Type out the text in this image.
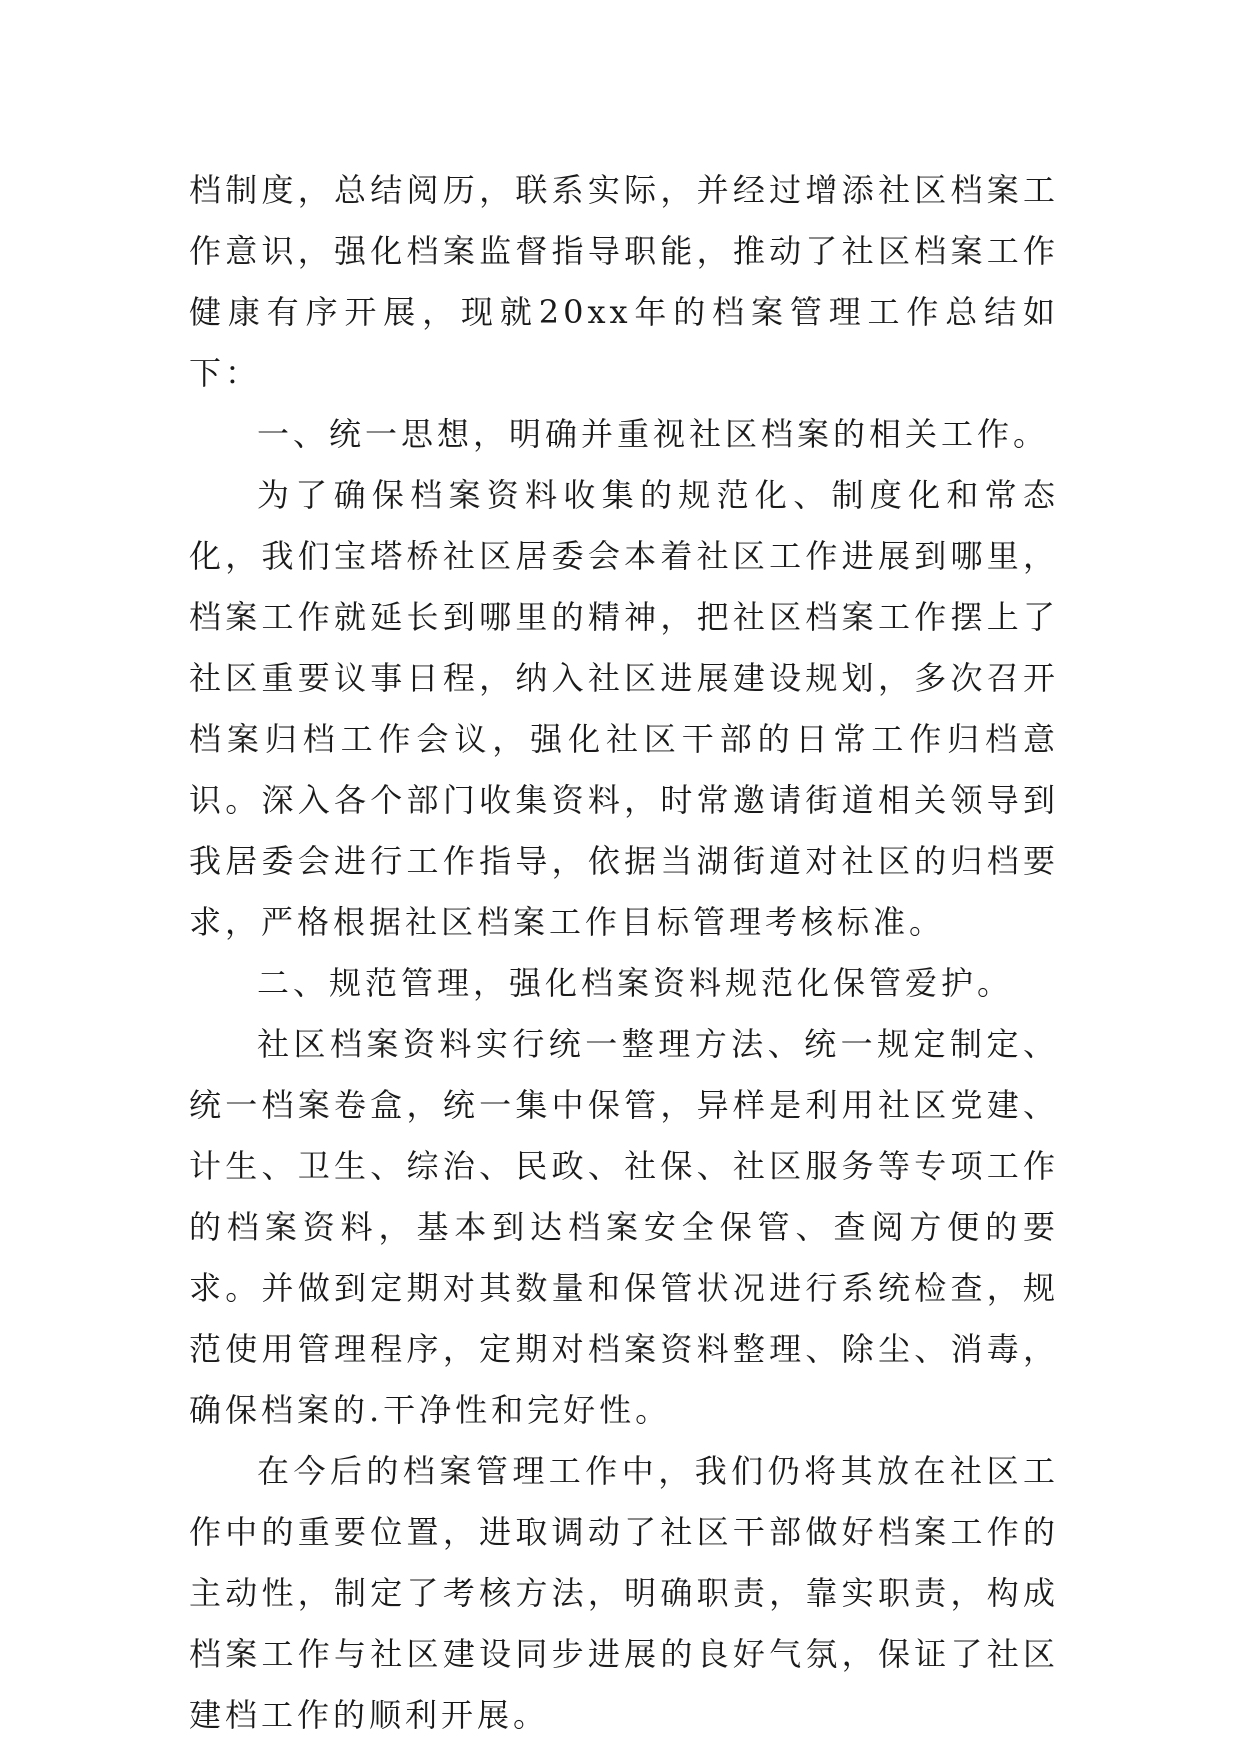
档制度，总结阅历，联系实际，并经过增添社区档案工作意识，强化档案监督指导职能，推动了社区档案工作健康有序开展，现就20xx年的档案管理工作总结如下：

一、统一思想，明确并重视社区档案的相关工作。

为了确保档案资料收集的规范化、制度化和常态化，我们宝塔桥社区居委会本着社区工作进展到哪里，档案工作就延长到哪里的精神，把社区档案工作摆上了社区重要议事日程，纳入社区进展建设规划，多次召开档案归档工作会议，强化社区干部的日常工作归档意识。深入各个部门收集资料，时常邀请街道相关领导到我居委会进行工作指导，依据当湖街道对社区的归档要求，严格根据社区档案工作目标管理考核标准。

二、规范管理，强化档案资料规范化保管爱护。

社区档案资料实行统一整理方法、统一规定制定、统一档案卷盒，统一集中保管，异样是利用社区党建、计生、卫生、综治、民政、社保、社区服务等专项工作的档案资料，基本到达档案安全保管、查阅方便的要求。并做到定期对其数量和保管状况进行系统检查，规范使用管理程序，定期对档案资料整理、除尘、消毒，确保档案的.干净性和完好性。

在今后的档案管理工作中，我们仍将其放在社区工作中的重要位置，进取调动了社区干部做好档案工作的主动性，制定了考核方法，明确职责，靠实职责，构成档案工作与社区建设同步进展的良好气氛，保证了社区建档工作的顺利开展。
